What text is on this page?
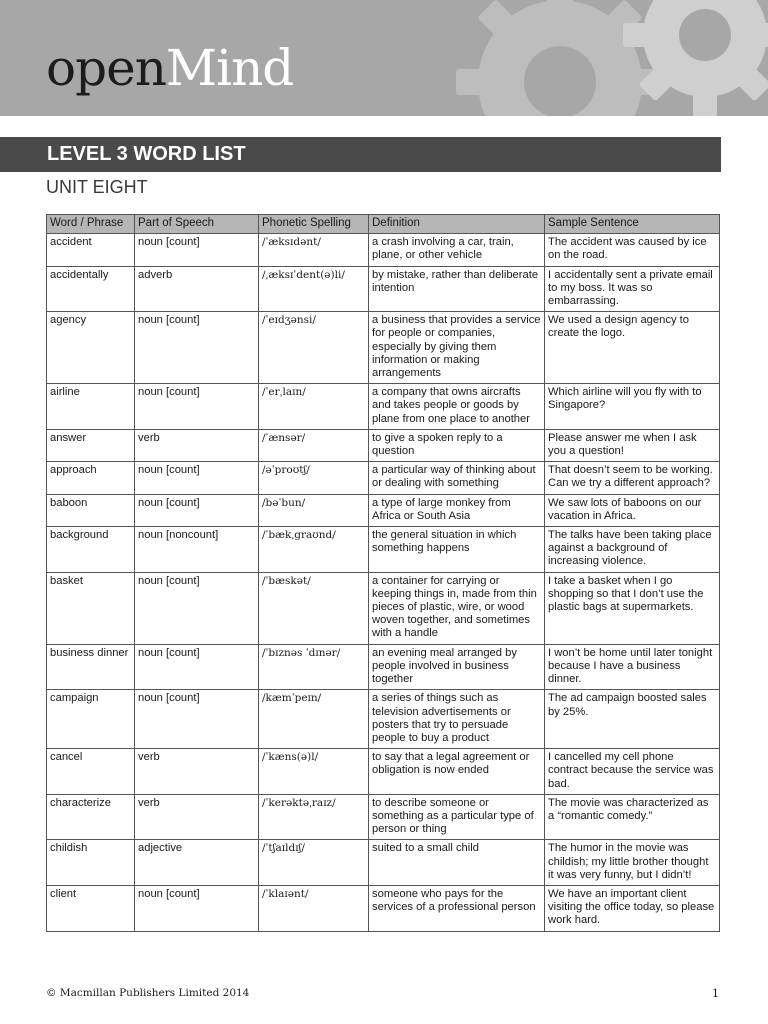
openMind
LEVEL 3 WORD LIST
UNIT EIGHT
Word / Phrase	Part of Speech	Phonetic Spelling	Definition	Sample Sentence
accident	noun [count]	/ˈæksɪdənt/	a crash involving a car, train, plane, or other vehicle	The accident was caused by ice on the road.
accidentally	adverb	/ˌæksɪˈdent(ə)li/	by mistake, rather than deliberate intention	I accidentally sent a private email to my boss. It was so embarrassing.
agency	noun [count]	/ˈeɪdʒənsi/	a business that provides a service for people or companies, especially by giving them information or making arrangements	We used a design agency to create the logo.
airline	noun [count]	/ˈerˌlaɪn/	a company that owns aircrafts and takes people or goods by plane from one place to another	Which airline will you fly with to Singapore?
answer	verb	/ˈænsər/	to give a spoken reply to a question	Please answer me when I ask you a question!
approach	noun [count]	/əˈproʊtʃ/	a particular way of thinking about or dealing with something	That doesn’t seem to be working. Can we try a different approach?
baboon	noun [count]	/bəˈbun/	a type of large monkey from Africa or South Asia	We saw lots of baboons on our vacation in Africa.
background	noun [noncount]	/ˈbækˌgraʊnd/	the general situation in which something happens	The talks have been taking place against a background of increasing violence.
basket	noun [count]	/ˈbæskət/	a container for carrying or keeping things in, made from thin pieces of plastic, wire, or wood woven together, and sometimes with a handle	I take a basket when I go shopping so that I don’t use the plastic bags at supermarkets.
business dinner	noun [count]	/ˈbɪznəs ˈdɪnər/	an evening meal arranged by people involved in business together	I won’t be home until later tonight because I have a business dinner.
campaign	noun [count]	/kæmˈpeɪn/	a series of things such as television advertisements or posters that try to persuade people to buy a product	The ad campaign boosted sales by 25%.
cancel	verb	/ˈkæns(ə)l/	to say that a legal agreement or obligation is now ended	I cancelled my cell phone contract because the service was bad.
characterize	verb	/ˈkerəktəˌraɪz/	to describe someone or something as a particular type of person or thing	The movie was characterized as a “romantic comedy.”
childish	adjective	/ˈtʃaɪldɪʃ/	suited to a small child	The humor in the movie was childish; my little brother thought it was very funny, but I didn’t!
client	noun [count]	/ˈklaɪənt/	someone who pays for the services of a professional person	We have an important client visiting the office today, so please work hard.
© Macmillan Publishers Limited 2014	1
